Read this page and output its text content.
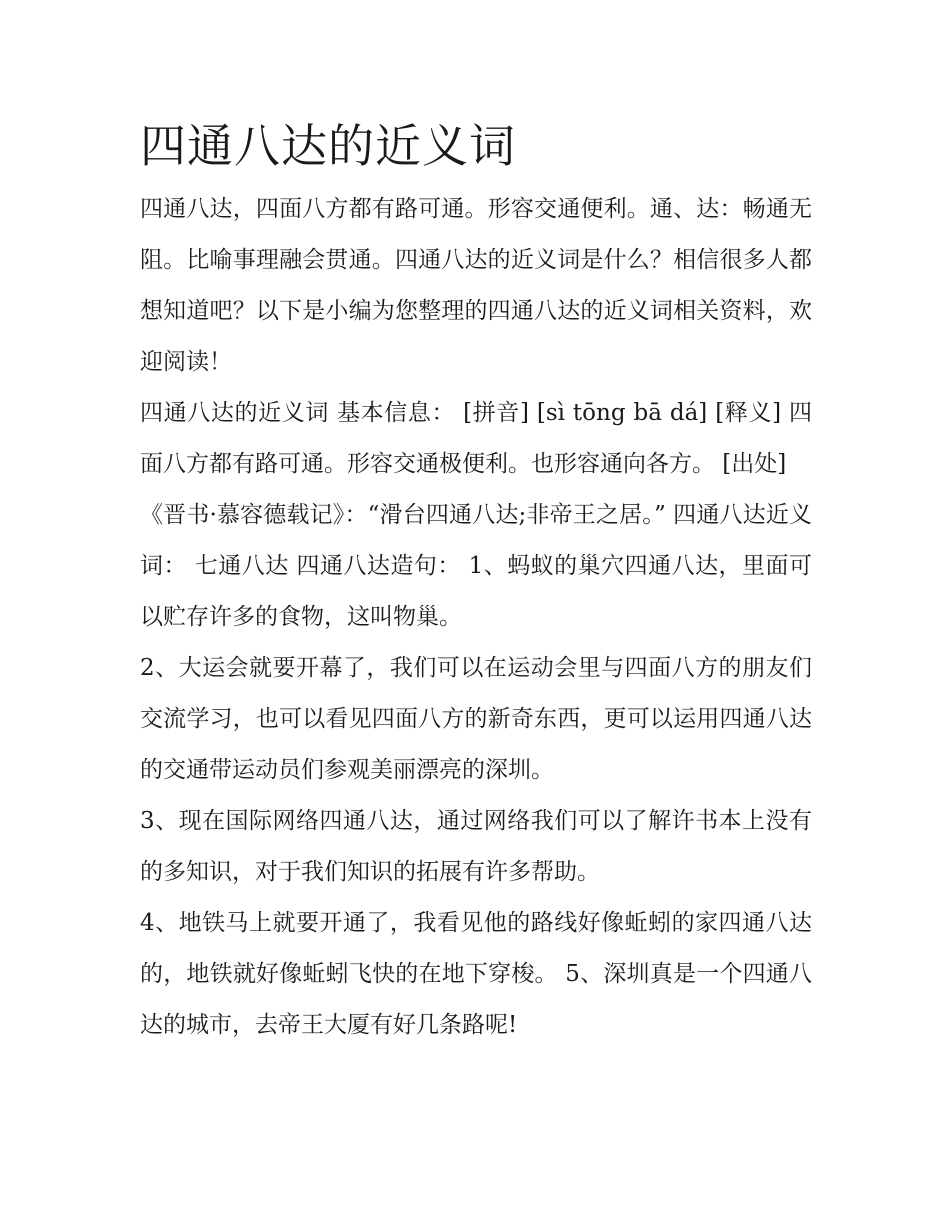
四通八达的近义词

四通八达，四面八方都有路可通。形容交通便利。通、达：畅通无阻。比喻事理融会贯通。四通八达的近义词是什么？相信很多人都想知道吧？以下是小编为您整理的四通八达的近义词相关资料，欢迎阅读！

四通八达的近义词 基本信息： [拼音] [sì tōng bā dá] [释义] 四面八方都有路可通。形容交通极便利。也形容通向各方。 [出处]

《晋书·慕容德载记》：“滑台四通八达;非帝王之居。” 四通八达近义词： 七通八达 四通八达造句： 1、蚂蚁的巢穴四通八达，里面可以贮存许多的食物，这叫物巢。

2、大运会就要开幕了，我们可以在运动会里与四面八方的朋友们交流学习，也可以看见四面八方的新奇东西，更可以运用四通八达的交通带运动员们参观美丽漂亮的深圳。

3、现在国际网络四通八达，通过网络我们可以了解许书本上没有的多知识，对于我们知识的拓展有许多帮助。

4、地铁马上就要开通了，我看见他的路线好像蚯蚓的家四通八达的，地铁就好像蚯蚓飞快的在地下穿梭。 5、深圳真是一个四通八达的城市，去帝王大厦有好几条路呢!
